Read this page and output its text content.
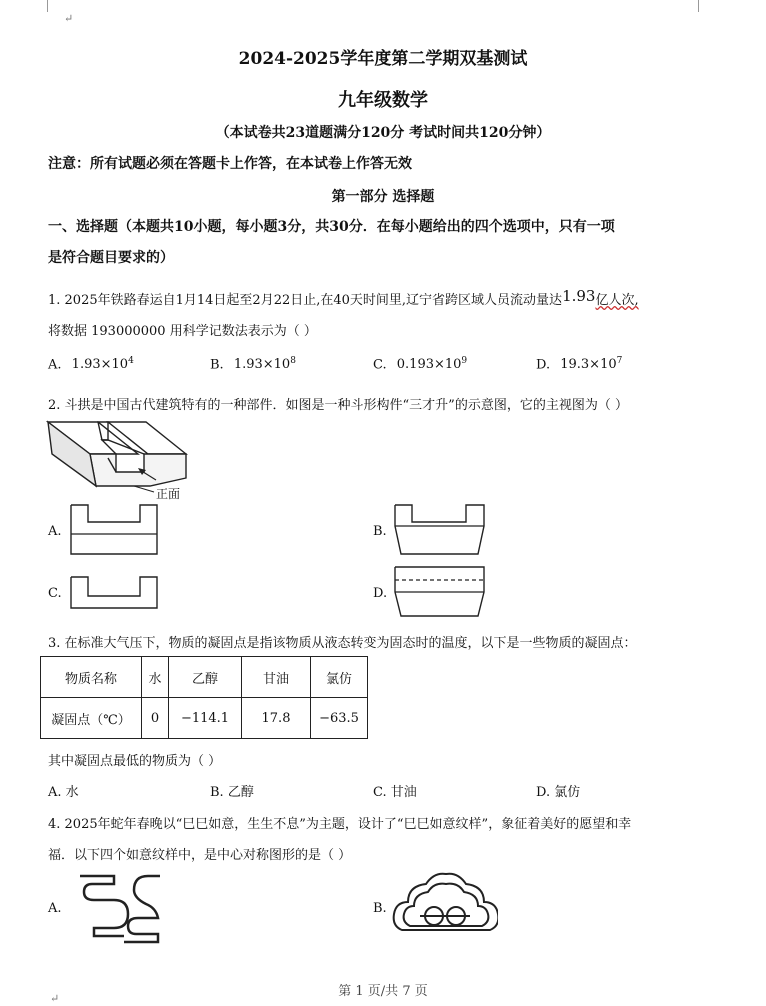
↵
2024-2025学年度第二学期双基测试
九年级数学
（本试卷共23道题满分120分 考试时间共120分钟）
注意：所有试题必须在答题卡上作答，在本试卷上作答无效
第一部分 选择题
一、选择题（本题共10小题，每小题3分，共30分．在每小题给出的四个选项中，只有一项
是符合题目要求的）
1. 2025年铁路春运自1月14日起至2月22日止,在40天时间里,辽宁省跨区域人员流动量达1.93亿人次,
将数据 193000000 用科学记数法表示为（ ）
A. $1.93\times 10^4$	B. $1.93\times 10^8$	C. $0.193\times 10^9$	D. $19.3\times 10^7$
2. 斗拱是中国古代建筑特有的一种部件．如图是一种斗形构件“三才升”的示意图，它的主视图为（ ）
正面
A.	B.
C.	D.
3. 在标准大气压下，物质的凝固点是指该物质从液态转变为固态时的温度，以下是一些物质的凝固点：
物质名称	水	乙醇	甘油	氯仿
凝固点（℃）	0	−114.1	17.8	−63.5
其中凝固点最低的物质为（ ）
A. 水	B. 乙醇	C. 甘油	D. 氯仿
4. 2025年蛇年春晚以“巳巳如意，生生不息”为主题，设计了“巳巳如意纹样”，象征着美好的愿望和幸
福．以下四个如意纹样中，是中心对称图形的是（ ）
A.	B.
第 1 页/共 7 页
↵
